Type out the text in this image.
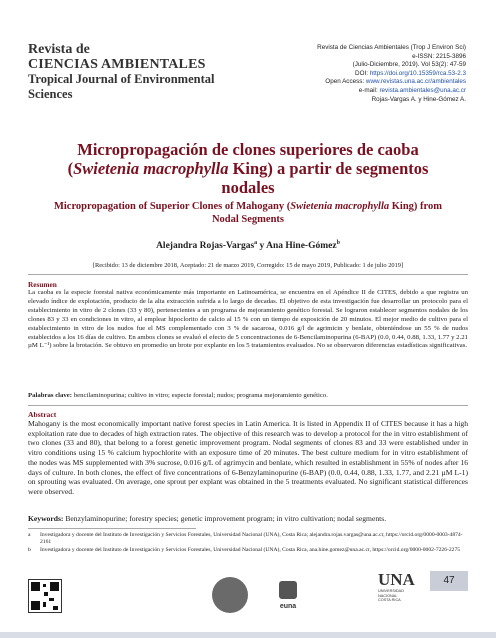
Revista de
CIENCIAS AMBIENTALES
Tropical Journal of Environmental Sciences
Revista de Ciencias Ambientales (Trop J Environ Sci)
e-ISSN: 2215-3896
(Julio-Diciembre, 2019). Vol 53(2): 47-59
DOI: https://doi.org/10.15359/rca.53-2.3
Open Access: www.revistas.una.ac.cr/ambientales
e-mail: revista.ambientales@una.ac.cr
Rojas-Vargas A. y Hine-Gómez A.
Micropropagación de clones superiores de caoba (Swietenia macrophylla King) a partir de segmentos nodales
Micropropagation of Superior Clones of Mahogany (Swietenia macrophylla King) from Nodal Segments
Alejandra Rojas-Vargas$^a$ y Ana Hine-Gómez$^b$
[Recibido: 13 de diciembre 2018, Aceptado: 21 de marzo 2019, Corregido: 15 de mayo 2019, Publicado: 1 de julio 2019]
Resumen
La caoba es la especie forestal nativa económicamente más importante en Latinoamérica, se encuentra en el Apéndice II de CITES, debido a que registra un elevado índice de explotación, producto de la alta extracción sufrida a lo largo de decadas. El objetivo de esta investigación fue desarrollar un protocolo para el establecimiento in vitro de 2 clones (33 y 80), pertenecientes a un programa de mejoramiento genético forestal. Se lograron establecer segmentos nodales de los clones 83 y 33 en condiciones in vitro, al emplear hipoclorito de calcio al 15 % con un tiempo de exposición de 20 minutos. El mejor medio de cultivo para el establecimiento in vitro de los nudos fue el MS complementado con 3 % de sacarosa, 0.016 g/l de agrimicin y benlate, obteniéndose un 55 % de nudos establecidos a los 16 días de cultivo. En ambos clones se evaluó el efecto de 5 concentraciones de 6-Bencilaminopurina (6-BAP) (0.0, 0.44, 0.88, 1.33, 1.77 y 2.21 µM L⁻¹) sobre la brotación. Se obtuvo en promedio un brote por explante en los 5 tratamientos evaluados. No se observaron diferencias estadísticas significativas.
Palabras clave: bencilaminopurina; cultivo in vitro; especie forestal; nudos; programa mejoramiento genético.
Abstract
Mahogany is the most economically important native forest species in Latin America. It is listed in Appendix II of CITES because it has a high exploitation rate due to decades of high extraction rates. The objective of this research was to develop a protocol for the in vitro establishment of two clones (33 and 80), that belong to a forest genetic improvement program. Nodal segments of clones 83 and 33 were established under in vitro conditions using 15 % calcium hypochlorite with an exposure time of 20 minutes. The best culture medium for in vitro establishment of the nodes was MS supplemented with 3% sucrose, 0.016 g/L of agrimycin and benlate, which resulted in establishment in 55% of nodes after 16 days of culture. In both clones, the effect of five concentrations of 6-Benzylaminopurine (6-BAP) (0.0, 0.44, 0.88, 1.33, 1.77, and 2.21 µM L-1) on sprouting was evaluated. On average, one sprout per explant was obtained in the 5 treatments evaluated. No significant statistical differences were observed.
Keywords: Benzylaminopurine; forestry species; genetic improvement program; in vitro cultivation; nodal segments.
a	Investigadora y docente del Instituto de Investigación y Servicios Forestales, Universidad Nacional (UNA), Costa Rica; alejandra.rojas.vargas@una.ac.cr, https://orcid.org/0000-0003-4874-2161
b	Investigadora y docente del Instituto de Investigación y Servicios Forestales, Universidad Nacional (UNA), Costa Rica, ana.hine.gomez@una.ac.cr, https://orcid.org/0000-0002-7226-2275
euna
UNA
UNIVERSIDAD
NACIONAL
COSTA RICA
47
